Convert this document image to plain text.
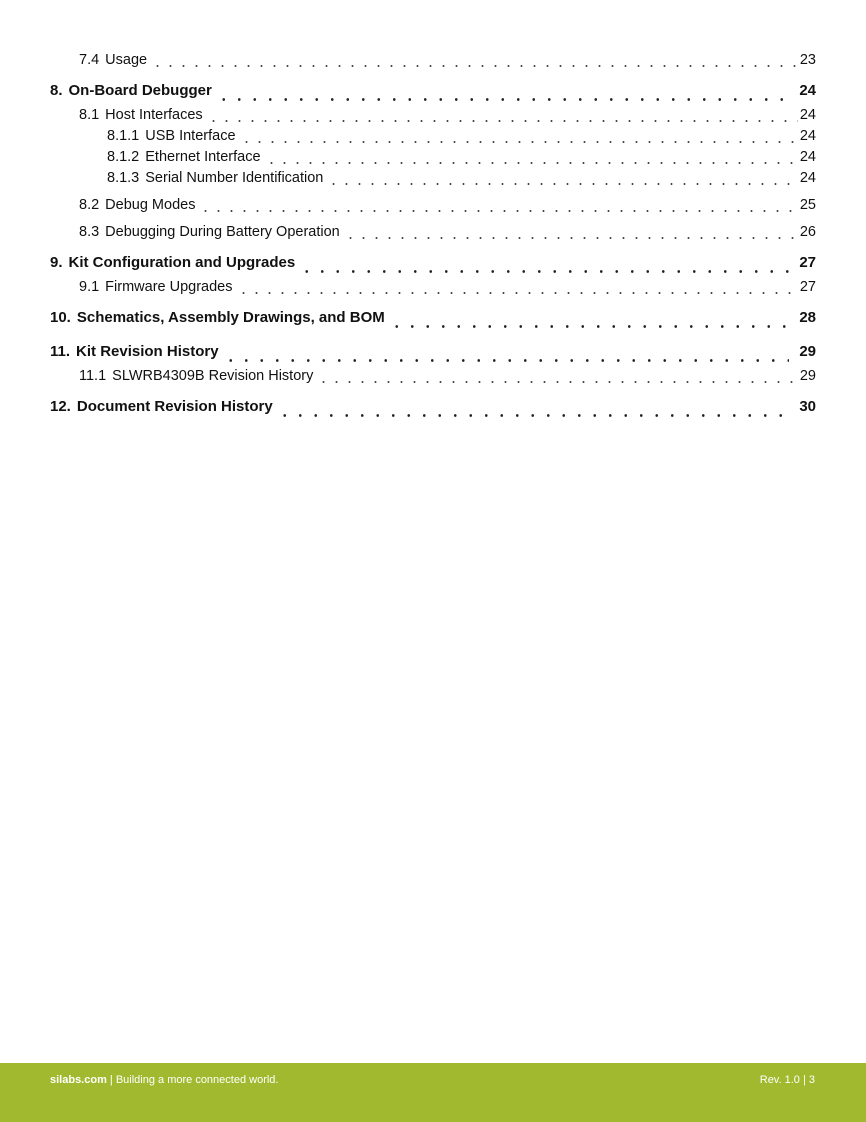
7.4 Usage	23
8. On-Board Debugger	24
8.1 Host Interfaces	24
8.1.1 USB Interface	24
8.1.2 Ethernet Interface	24
8.1.3 Serial Number Identification	24
8.2 Debug Modes	25
8.3 Debugging During Battery Operation	26
9. Kit Configuration and Upgrades	27
9.1 Firmware Upgrades	27
10. Schematics, Assembly Drawings, and BOM	28
11. Kit Revision History	29
11.1 SLWRB4309B Revision History	29
12. Document Revision History	30
silabs.com | Building a more connected world.	Rev. 1.0 | 3
